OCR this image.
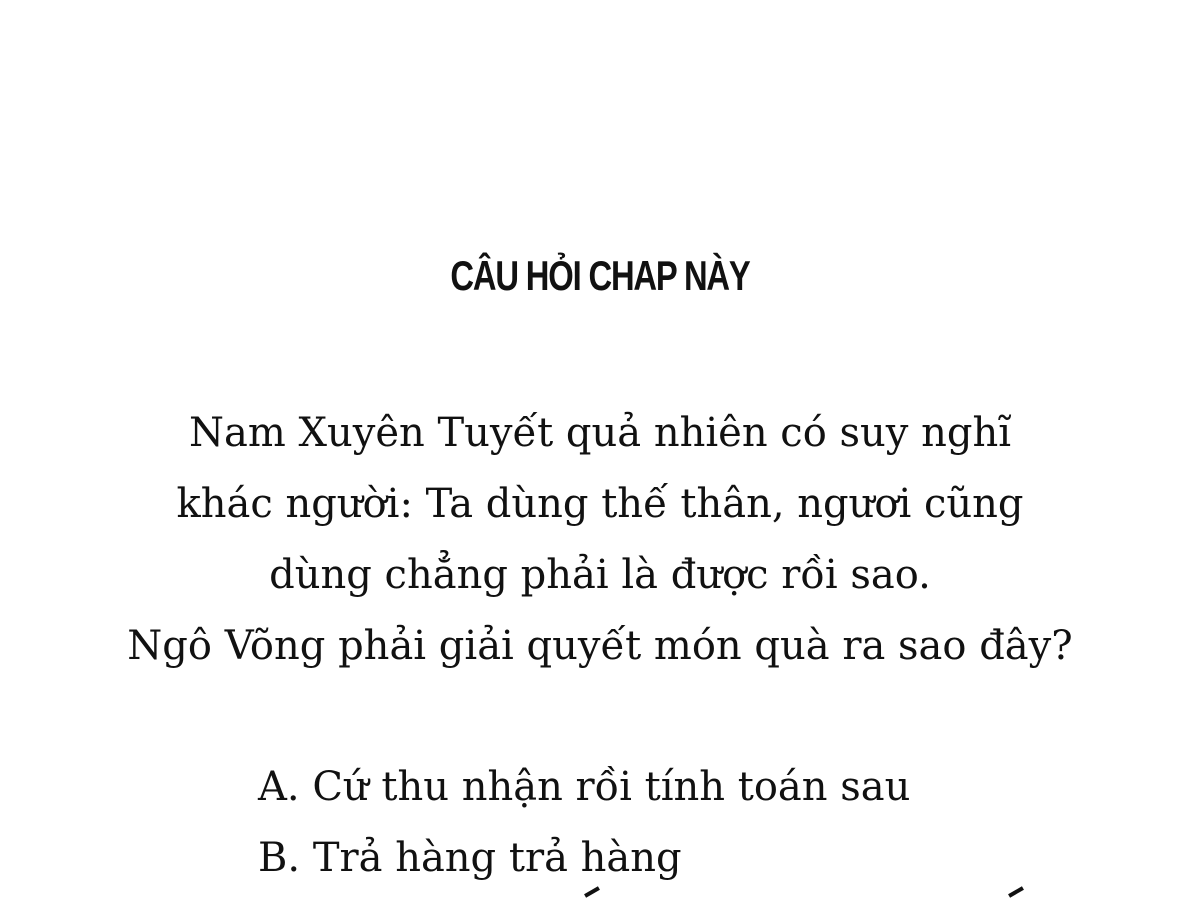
CÂU HỎI CHAP NÀY
Nam Xuyên Tuyết quả nhiên có suy nghĩ
khác người: Ta dùng thế thân, ngươi cũng
dùng chẳng phải là được rồi sao.
Ngô Võng phải giải quyết món quà ra sao đây?
A. Cứ thu nhận rồi tính toán sau
B. Trả hàng trả hàng
